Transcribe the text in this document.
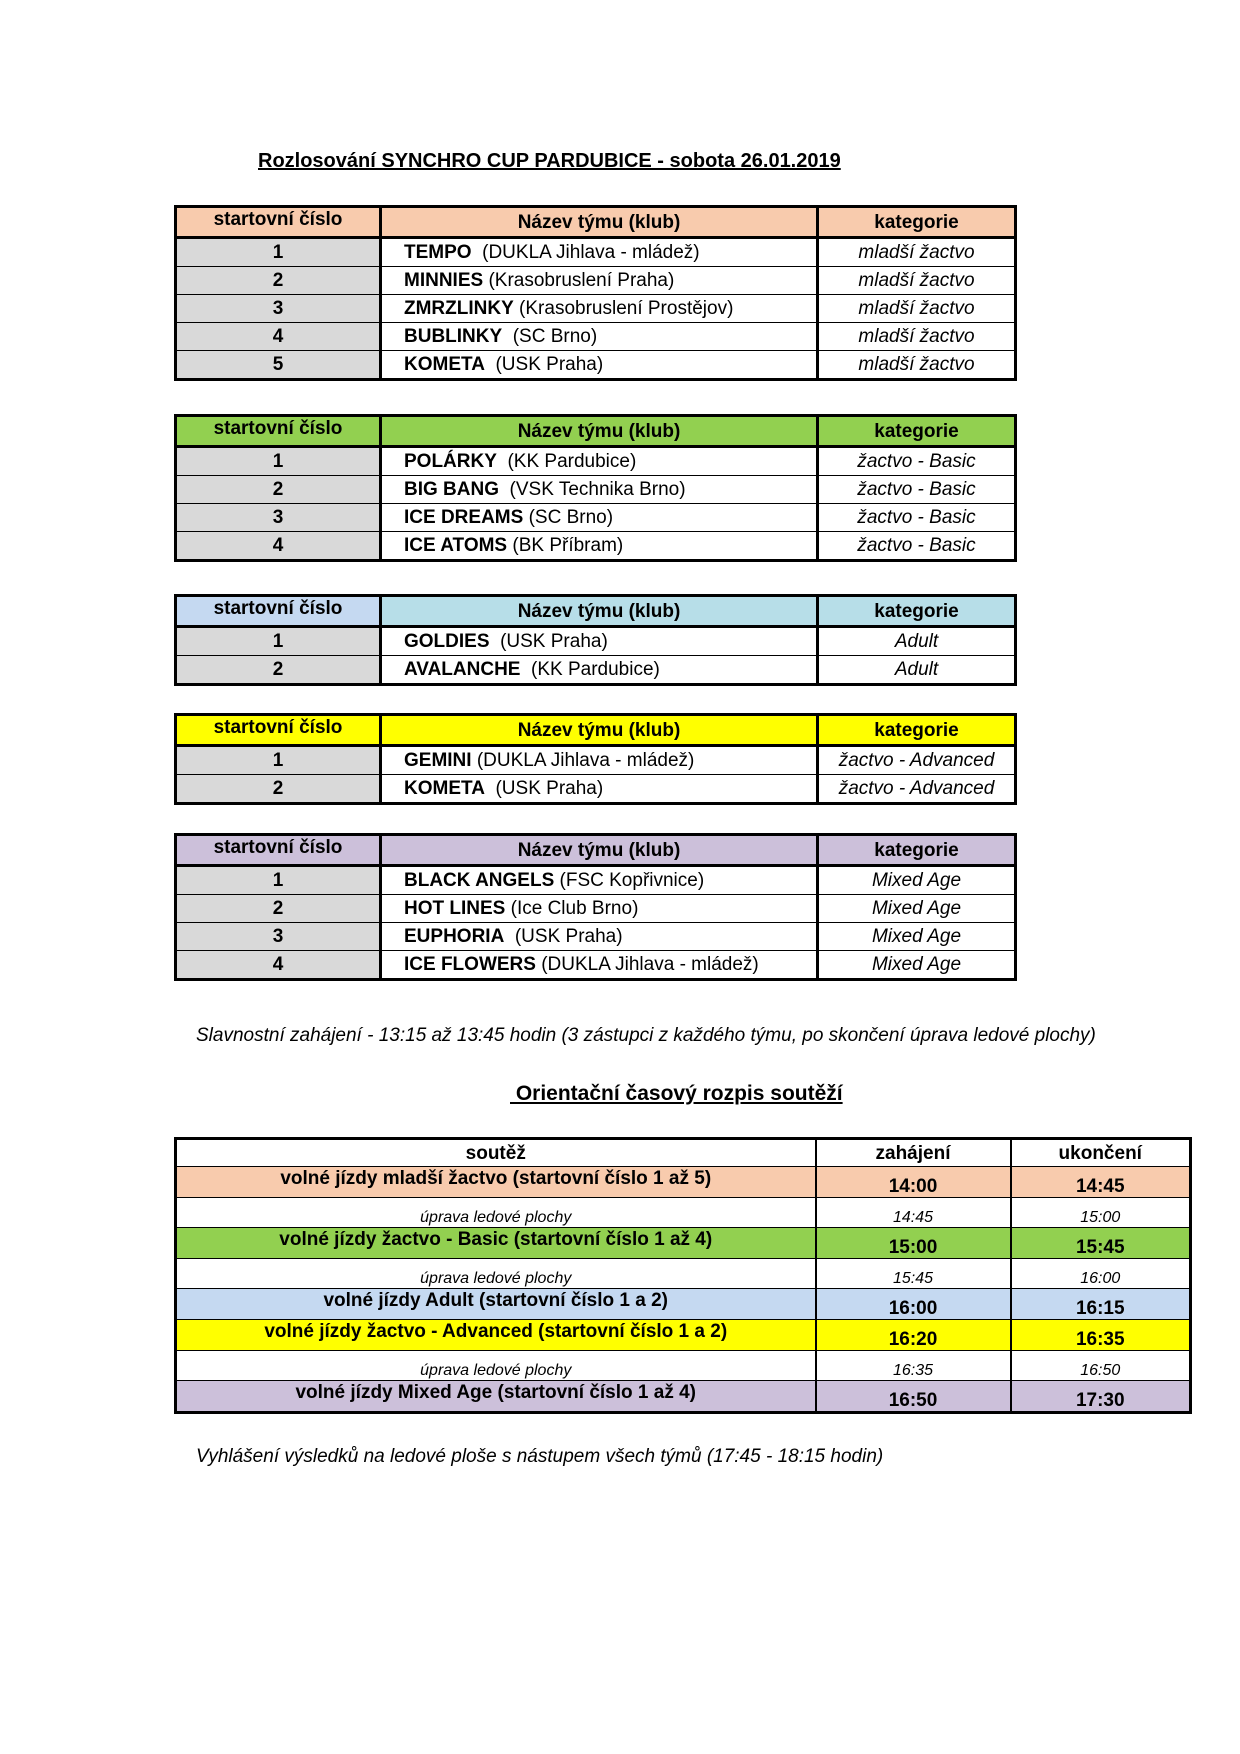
Rozlosování SYNCHRO CUP PARDUBICE - sobota 26.01.2019
startovní číslo	Název týmu (klub)	kategorie
1	TEMPO  (DUKLA Jihlava - mládež)	mladší žactvo
2	MINNIES (Krasobruslení Praha)	mladší žactvo
3	ZMRZLINKY (Krasobruslení Prostějov)	mladší žactvo
4	BUBLINKY  (SC Brno)	mladší žactvo
5	KOMETA  (USK Praha)	mladší žactvo
startovní číslo	Název týmu (klub)	kategorie
1	POLÁRKY  (KK Pardubice)	žactvo - Basic
2	BIG BANG  (VSK Technika Brno)	žactvo - Basic
3	ICE DREAMS (SC Brno)	žactvo - Basic
4	ICE ATOMS (BK Příbram)	žactvo - Basic
startovní číslo	Název týmu (klub)	kategorie
1	GOLDIES  (USK Praha)	Adult
2	AVALANCHE  (KK Pardubice)	Adult
startovní číslo	Název týmu (klub)	kategorie
1	GEMINI (DUKLA Jihlava - mládež)	žactvo - Advanced
2	KOMETA  (USK Praha)	žactvo - Advanced
startovní číslo	Název týmu (klub)	kategorie
1	BLACK ANGELS (FSC Kopřivnice)	Mixed Age
2	HOT LINES (Ice Club Brno)	Mixed Age
3	EUPHORIA  (USK Praha)	Mixed Age
4	ICE FLOWERS (DUKLA Jihlava - mládež)	Mixed Age
Slavnostní zahájení - 13:15 až 13:45 hodin (3 zástupci z každého týmu, po skončení úprava ledové plochy)
Orientační časový rozpis soutěží
soutěž	zahájení	ukončení
volné jízdy mladší žactvo (startovní číslo 1 až 5)	14:00	14:45
úprava ledové plochy	14:45	15:00
volné jízdy žactvo - Basic (startovní číslo 1 až 4)	15:00	15:45
úprava ledové plochy	15:45	16:00
volné jízdy Adult (startovní číslo 1 a 2)	16:00	16:15
volné jízdy žactvo - Advanced (startovní číslo 1 a 2)	16:20	16:35
úprava ledové plochy	16:35	16:50
volné jízdy Mixed Age (startovní číslo 1 až 4)	16:50	17:30
Vyhlášení výsledků na ledové ploše s nástupem všech týmů (17:45 - 18:15 hodin)
